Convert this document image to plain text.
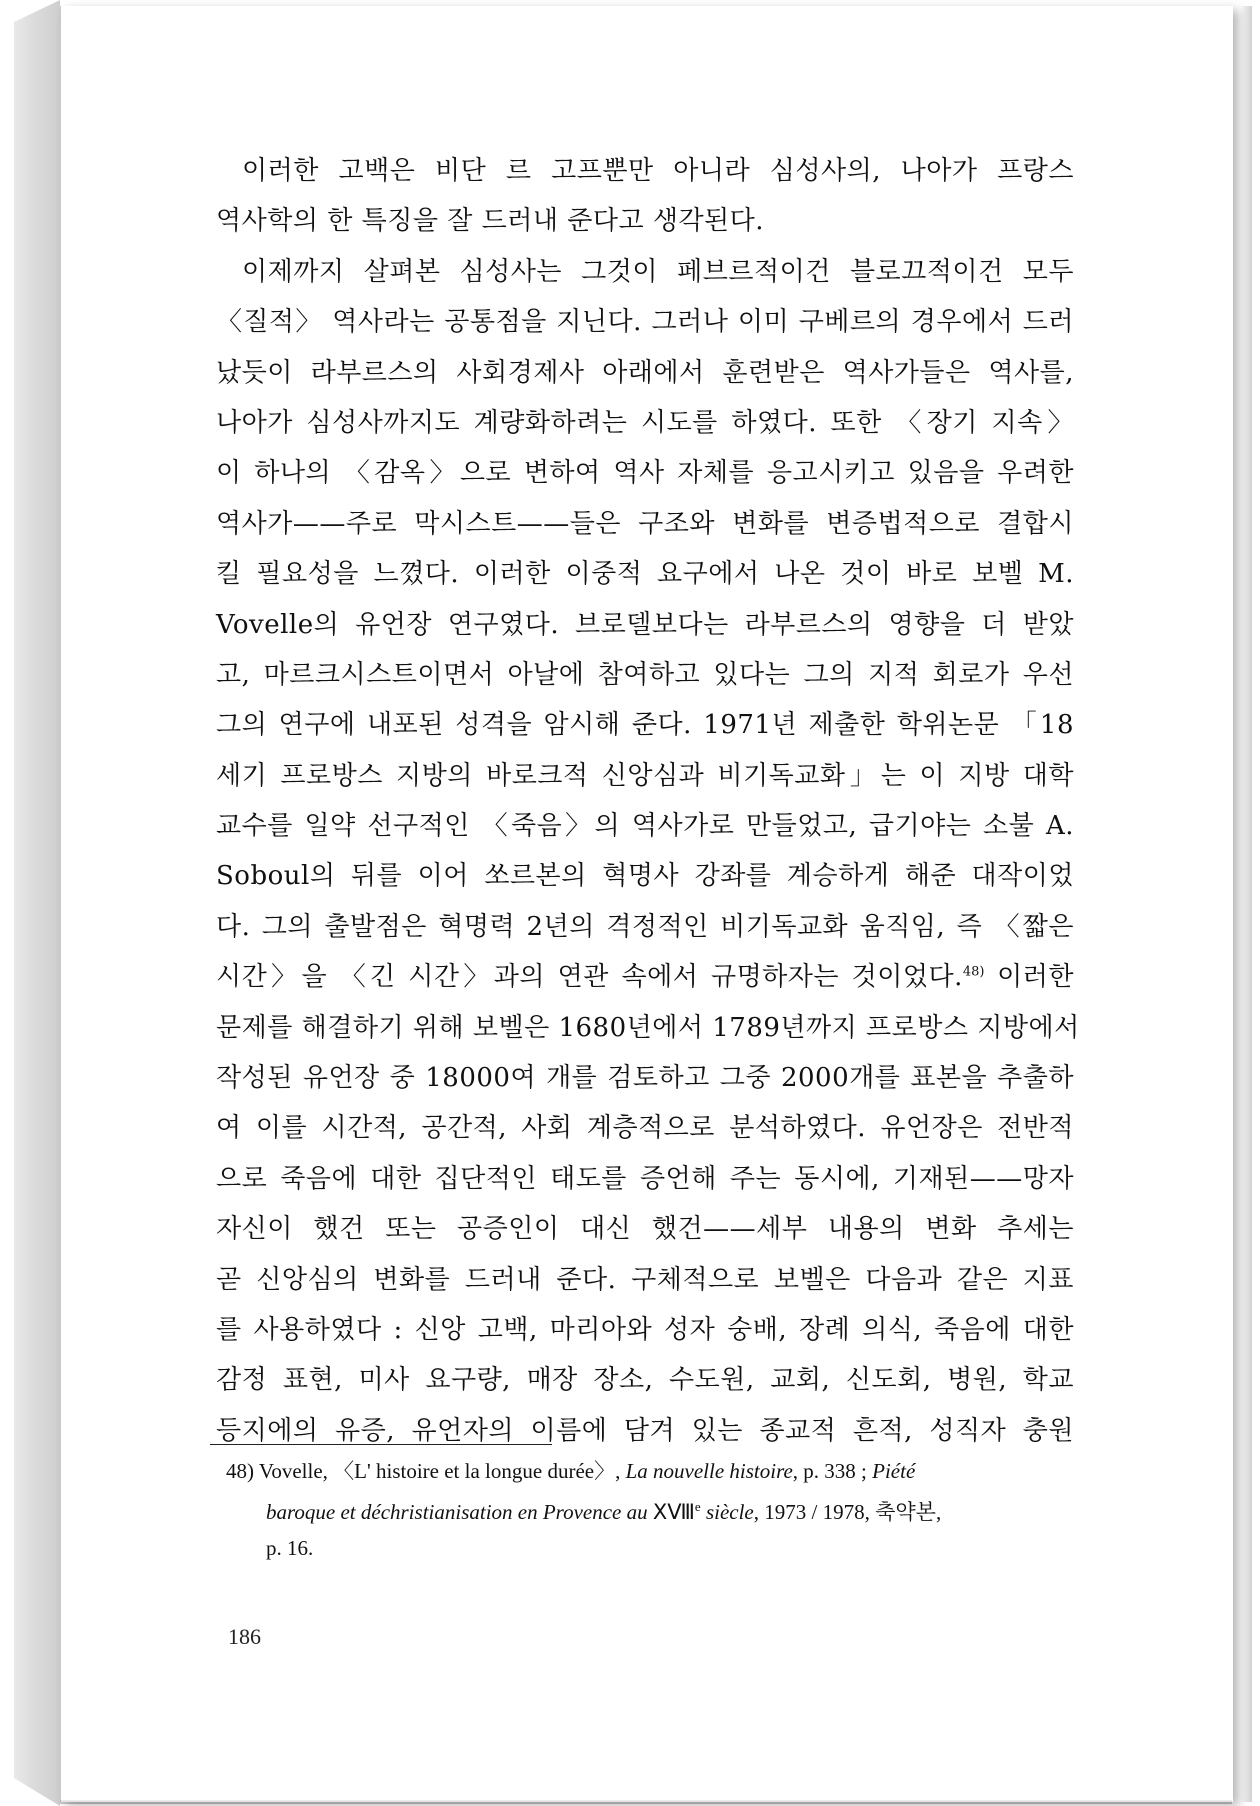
이러한 고백은 비단 르 고프뿐만 아니라 심성사의, 나아가 프랑스
역사학의 한 특징을 잘 드러내 준다고 생각된다.
이제까지 살펴본 심성사는 그것이 페브르적이건 블로끄적이건 모두
〈질적〉 역사라는 공통점을 지닌다. 그러나 이미 구베르의 경우에서 드러
났듯이 라부르스의 사회경제사 아래에서 훈련받은 역사가들은 역사를,
나아가 심성사까지도 계량화하려는 시도를 하였다. 또한 〈장기 지속〉
이 하나의 〈감옥〉으로 변하여 역사 자체를 응고시키고 있음을 우려한
역사가——주로 막시스트——들은 구조와 변화를 변증법적으로 결합시
킬 필요성을 느꼈다. 이러한 이중적 요구에서 나온 것이 바로 보벨 M.
Vovelle의 유언장 연구였다. 브로델보다는 라부르스의 영향을 더 받았
고, 마르크시스트이면서 아날에 참여하고 있다는 그의 지적 회로가 우선
그의 연구에 내포된 성격을 암시해 준다. 1971년 제출한 학위논문 「18
세기 프로방스 지방의 바로크적 신앙심과 비기독교화」는 이 지방 대학
교수를 일약 선구적인 〈죽음〉의 역사가로 만들었고, 급기야는 소불 A.
Soboul의 뒤를 이어 쏘르본의 혁명사 강좌를 계승하게 해준 대작이었
다. 그의 출발점은 혁명력 2년의 격정적인 비기독교화 움직임, 즉 〈짧은
시간〉을 〈긴 시간〉과의 연관 속에서 규명하자는 것이었다.$^{48)}$ 이러한
문제를 해결하기 위해 보벨은 1680년에서 1789년까지 프로방스 지방에서
작성된 유언장 중 18000여 개를 검토하고 그중 2000개를 표본을 추출하
여 이를 시간적, 공간적, 사회 계층적으로 분석하였다. 유언장은 전반적
으로 죽음에 대한 집단적인 태도를 증언해 주는 동시에, 기재된——망자
자신이 했건 또는 공증인이 대신 했건——세부 내용의 변화 추세는
곧 신앙심의 변화를 드러내 준다. 구체적으로 보벨은 다음과 같은 지표
를 사용하였다 : 신앙 고백, 마리아와 성자 숭배, 장례 의식, 죽음에 대한
감정 표현, 미사 요구량, 매장 장소, 수도원, 교회, 신도회, 병원, 학교
등지에의 유증, 유언자의 이름에 담겨 있는 종교적 흔적, 성직자 충원
48) Vovelle, 〈L' histoire et la longue durée〉, La nouvelle histoire, p. 338 ; Piété
baroque et déchristianisation en Provence au ⅩⅧ$^e$ siècle, 1973 / 1978, 축약본,
p. 16.
186
